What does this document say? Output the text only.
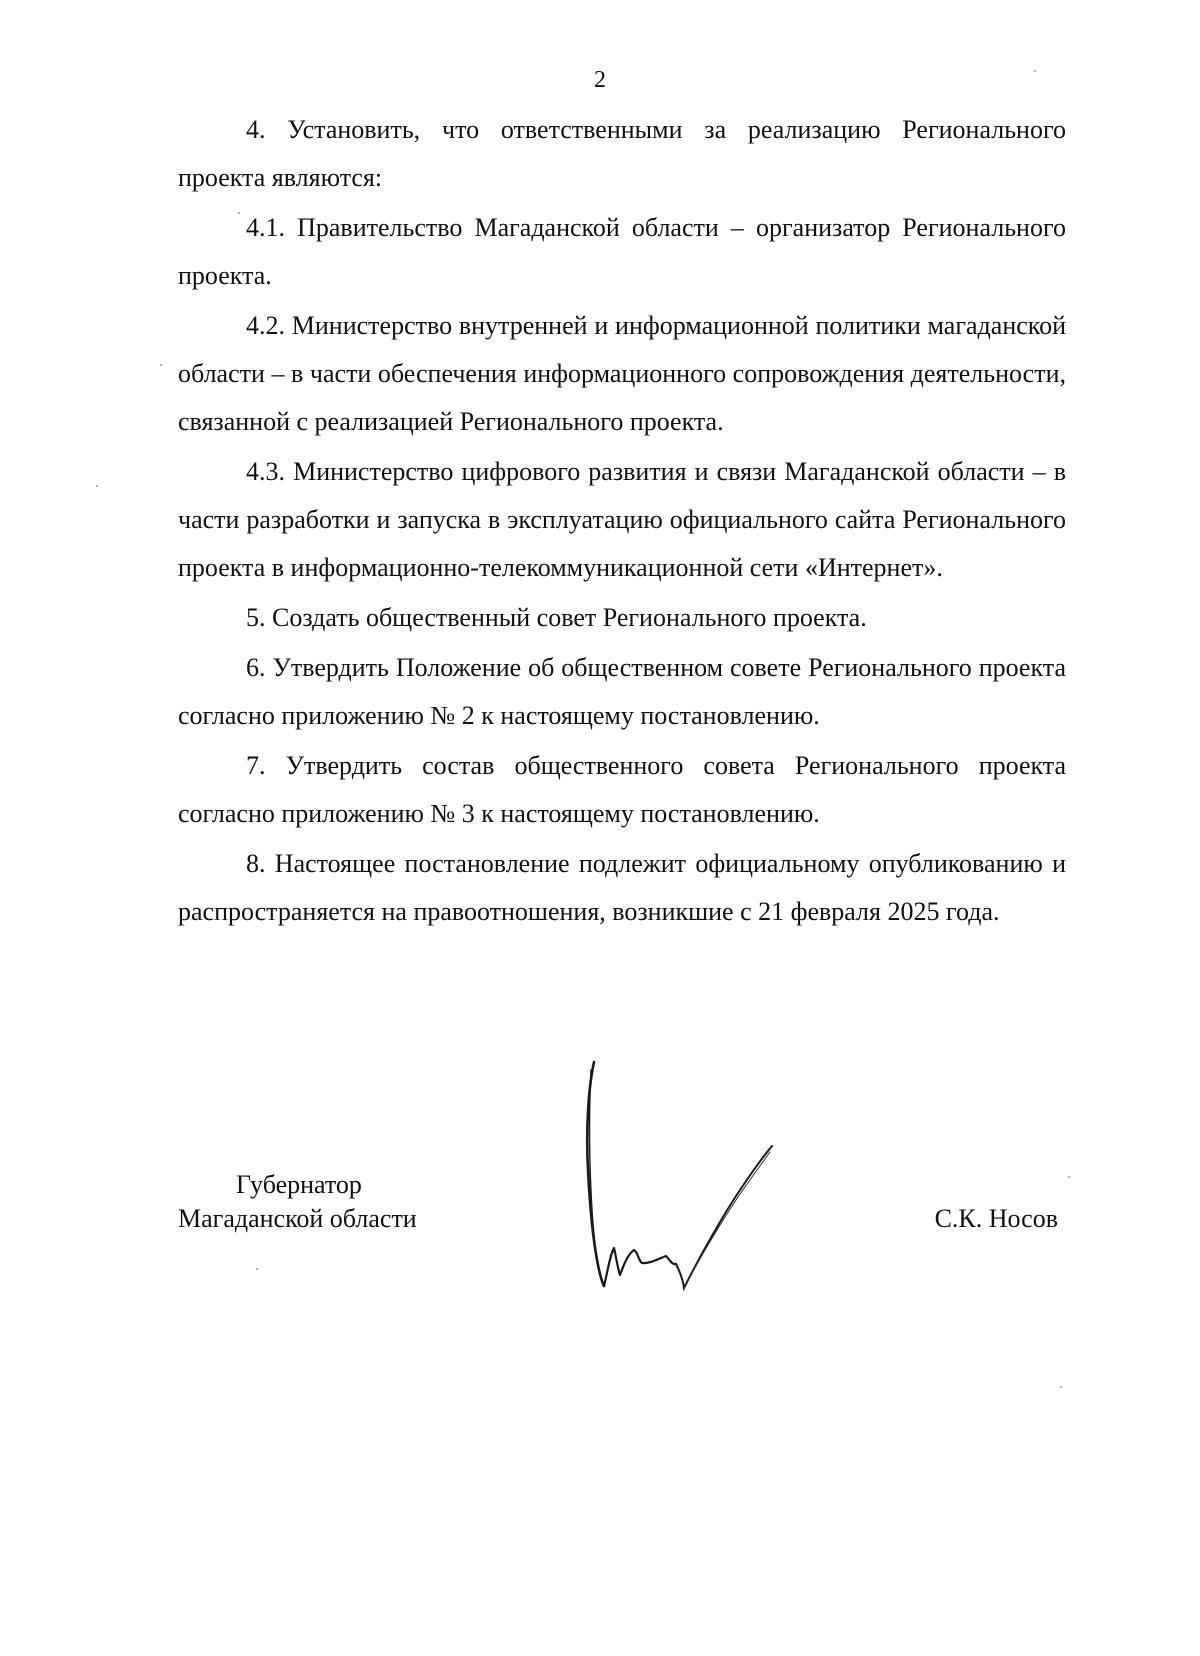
2

4. Установить, что ответственными за реализацию Регионального проекта являются:

4.1. Правительство Магаданской области – организатор Регионального проекта.

4.2. Министерство внутренней и информационной политики магаданской области – в части обеспечения информационного сопровождения деятельности, связанной с реализацией Регионального проекта.

4.3. Министерство цифрового развития и связи Магаданской области – в части разработки и запуска в эксплуатацию официального сайта Регионального проекта в информационно-телекоммуникационной сети «Интернет».

5. Создать общественный совет Регионального проекта.

6. Утвердить Положение об общественном совете Регионального проекта согласно приложению № 2 к настоящему постановлению.

7. Утвердить состав общественного совета Регионального проекта согласно приложению № 3 к настоящему постановлению.

8. Настоящее постановление подлежит официальному опубликованию и распространяется на правоотношения, возникшие с 21 февраля 2025 года.

Губернатор
Магаданской области	С.К. Носов
